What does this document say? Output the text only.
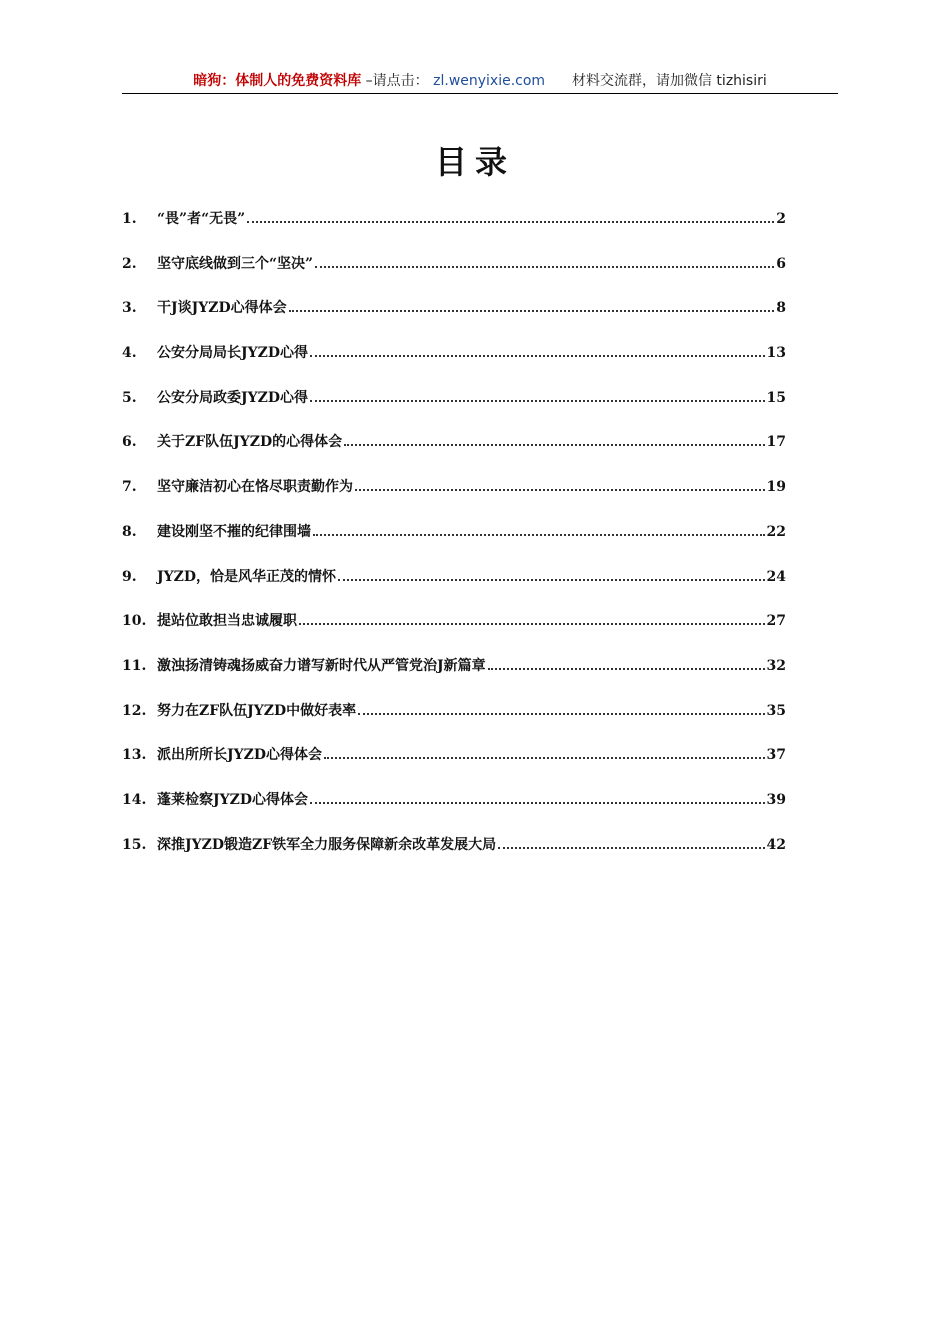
暗狗：体制人的免费资料库 –请点击： zl.wenyixie.com 材料交流群，请加微信 tizhisiri
目录
1.	“畏”者“无畏”	2
2.	坚守底线做到三个“坚决”	6
3.	干J谈JYZD心得体会	8
4.	公安分局局长JYZD心得	13
5.	公安分局政委JYZD心得	15
6.	关于ZF队伍JYZD的心得体会	17
7.	坚守廉洁初心在恪尽职责勤作为	19
8.	建设刚坚不摧的纪律围墙	22
9.	JYZD，恰是风华正茂的情怀	24
10. 提站位敢担当忠诚履职	27
11. 激浊扬清铸魂扬威奋力谱写新时代从严管党治J新篇章	32
12. 努力在ZF队伍JYZD中做好表率	35
13. 派出所所长JYZD心得体会	37
14. 蓬莱检察JYZD心得体会	39
15. 深推JYZD锻造ZF铁军全力服务保障新余改革发展大局	42
